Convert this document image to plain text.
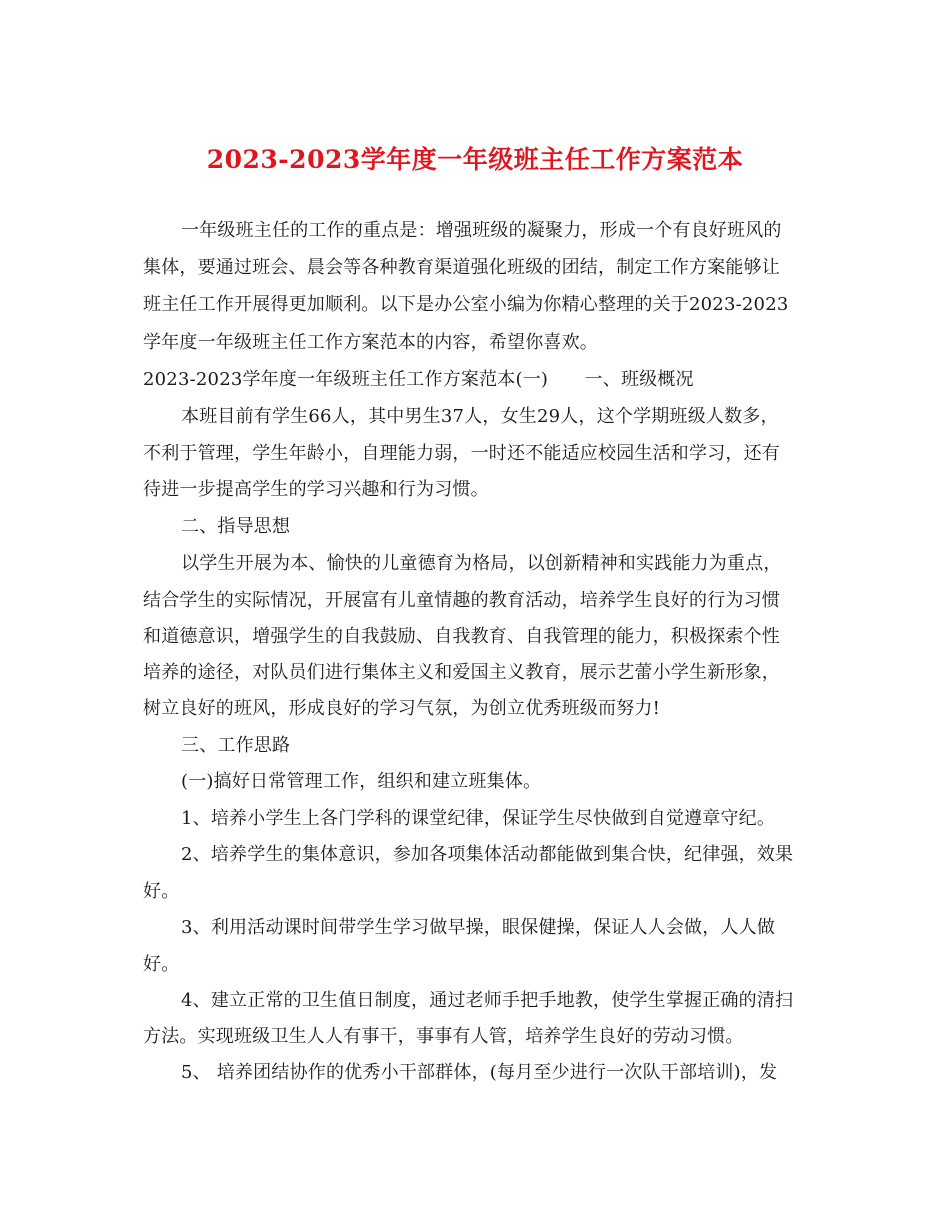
2023-2023学年度一年级班主任工作方案范本
一年级班主任的工作的重点是：增强班级的凝聚力，形成一个有良好班风的
集体，要通过班会、晨会等各种教育渠道强化班级的团结，制定工作方案能够让
班主任工作开展得更加顺利。以下是办公室小编为你精心整理的关于2023-2023
学年度一年级班主任工作方案范本的内容，希望你喜欢。
2023-2023学年度一年级班主任工作方案范本(一)　　一、班级概况
本班目前有学生66人，其中男生37人，女生29人，这个学期班级人数多，
不利于管理，学生年龄小，自理能力弱，一时还不能适应校园生活和学习，还有
待进一步提高学生的学习兴趣和行为习惯。
二、指导思想
以学生开展为本、愉快的儿童德育为格局，以创新精神和实践能力为重点，
结合学生的实际情况，开展富有儿童情趣的教育活动，培养学生良好的行为习惯
和道德意识，增强学生的自我鼓励、自我教育、自我管理的能力，积极探索个性
培养的途径，对队员们进行集体主义和爱国主义教育，展示艺蕾小学生新形象，
树立良好的班风，形成良好的学习气氛，为创立优秀班级而努力!
三、工作思路
(一)搞好日常管理工作，组织和建立班集体。
1、培养小学生上各门学科的课堂纪律，保证学生尽快做到自觉遵章守纪。
2、培养学生的集体意识，参加各项集体活动都能做到集合快，纪律强，效果
好。
3、利用活动课时间带学生学习做早操，眼保健操，保证人人会做，人人做
好。
4、建立正常的卫生值日制度，通过老师手把手地教，使学生掌握正确的清扫
方法。实现班级卫生人人有事干，事事有人管，培养学生良好的劳动习惯。
5、 培养团结协作的优秀小干部群体，(每月至少进行一次队干部培训)，发
